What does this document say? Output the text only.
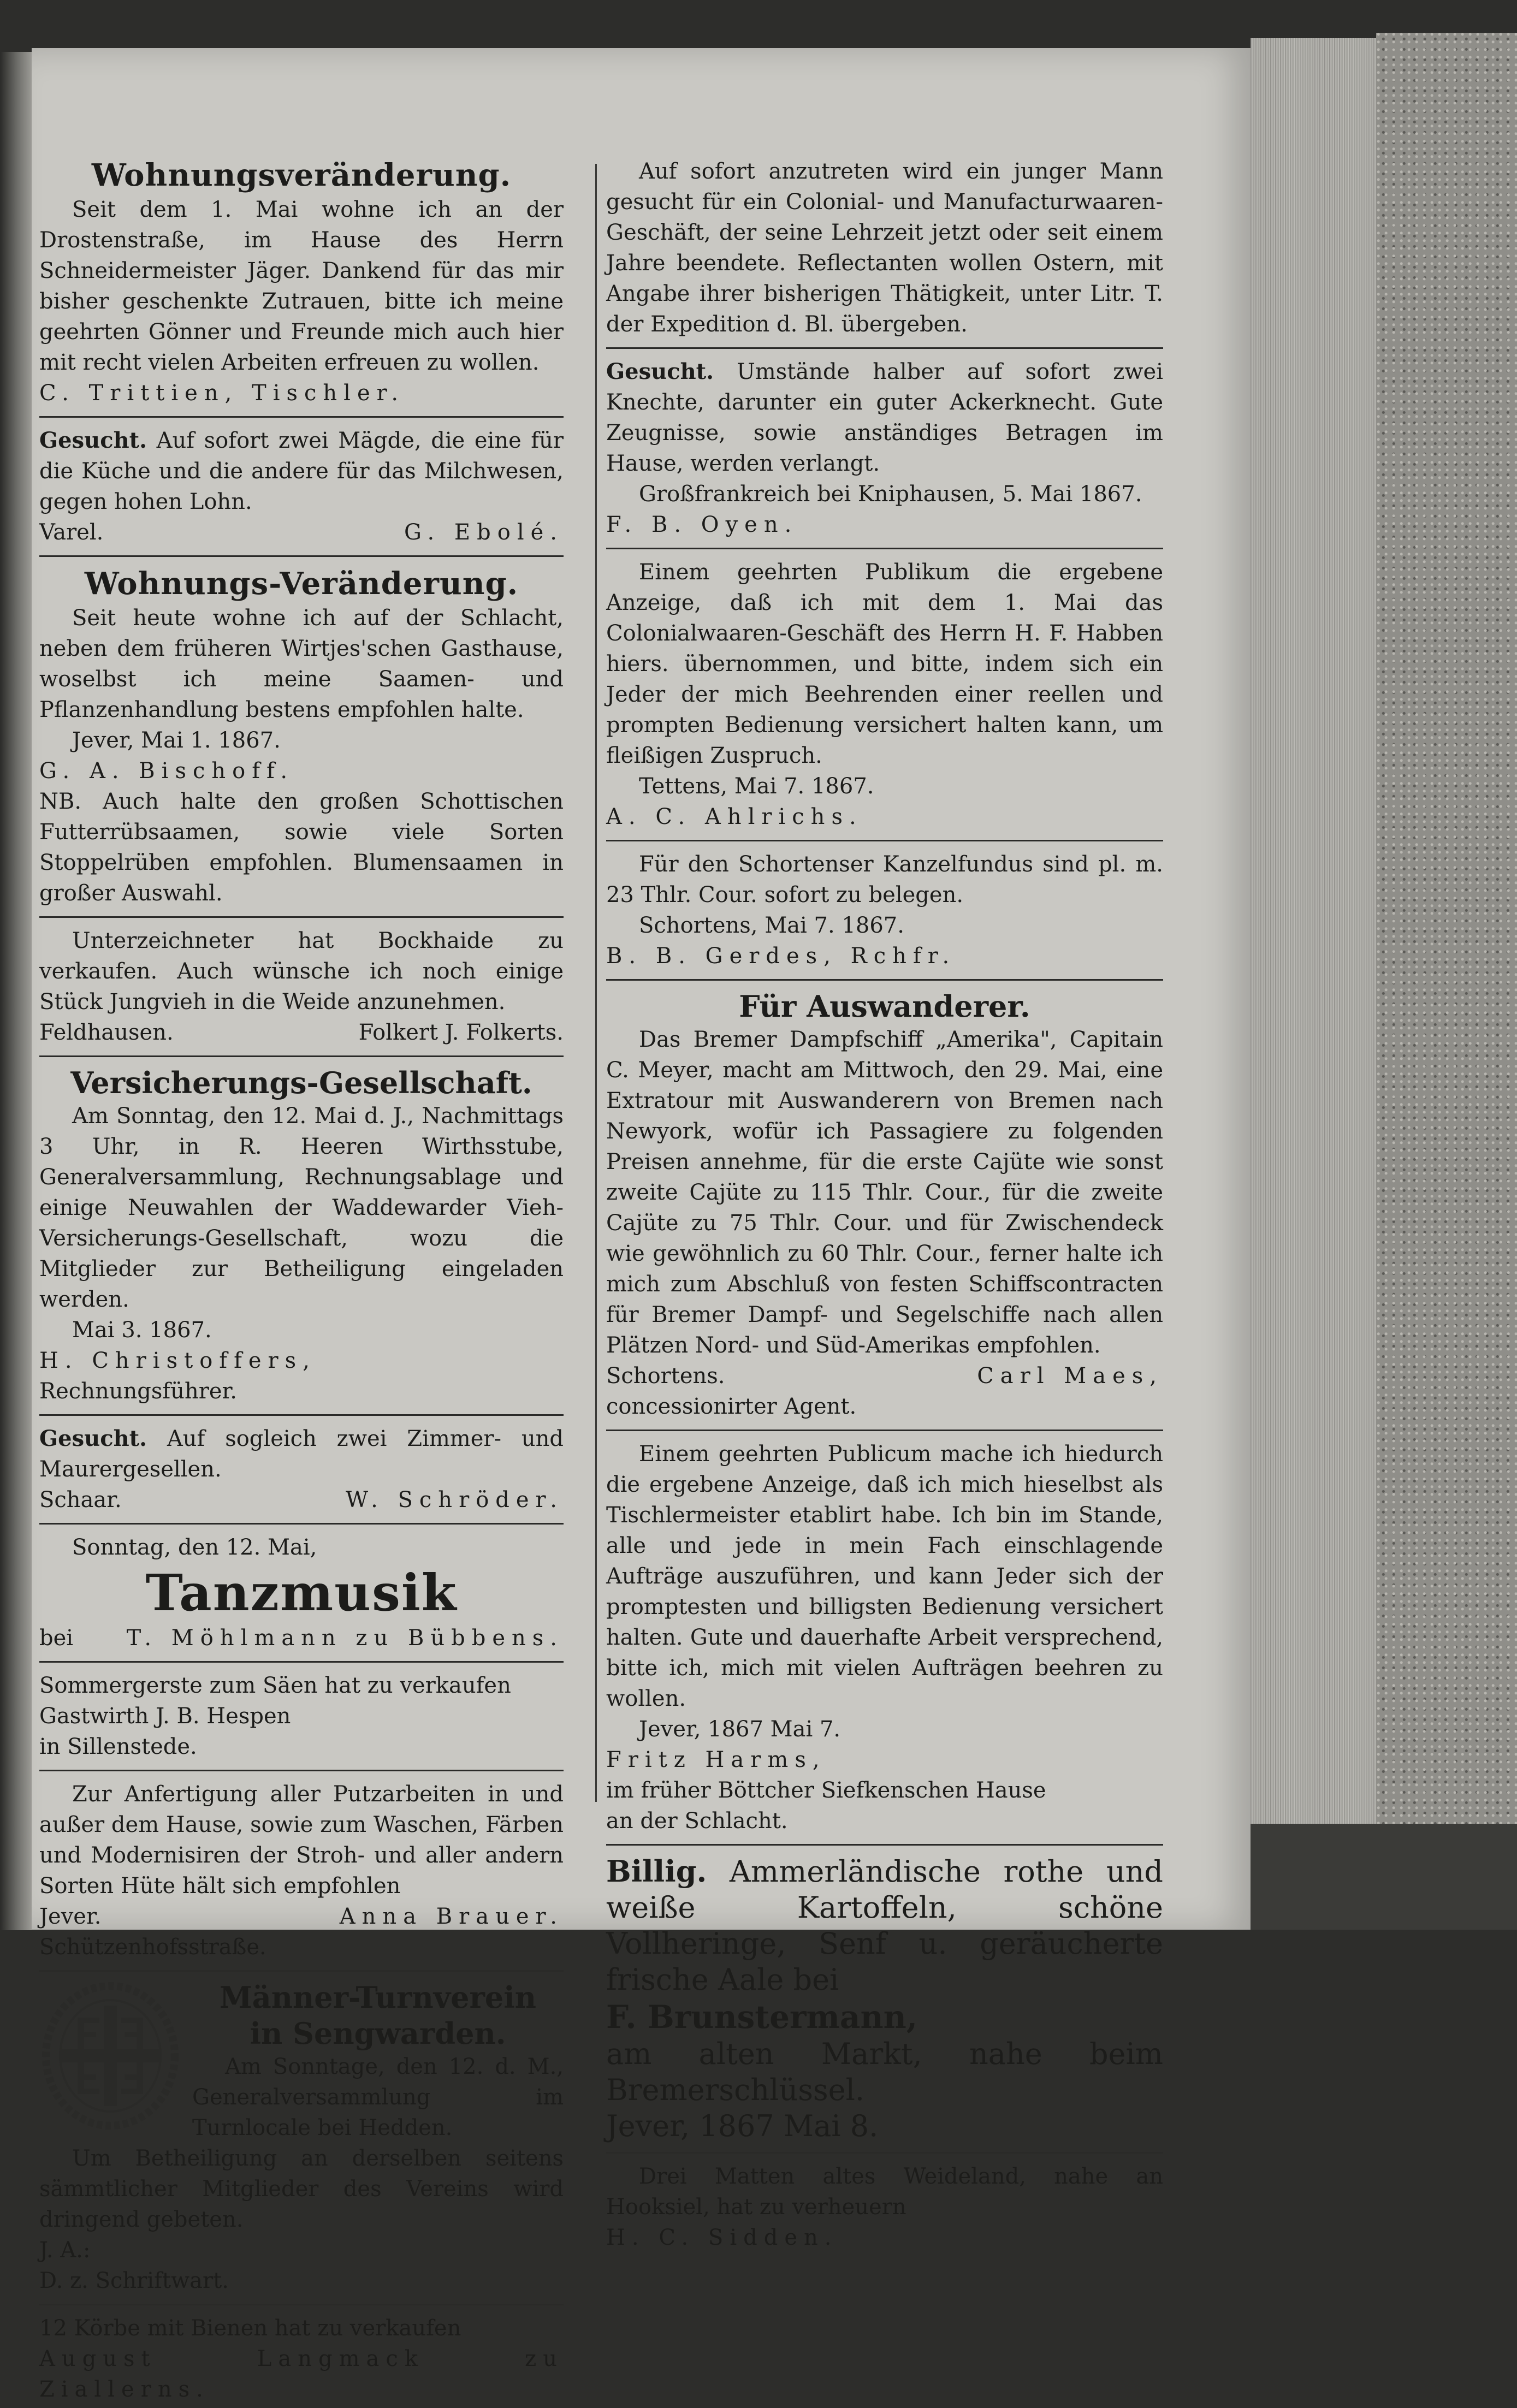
Wohnungsveränderung.

Seit dem 1. Mai wohne ich an der Drostenstraße, im Hause des Herrn Schneidermeister Jäger. Dankend für das mir bisher geschenkte Zutrauen, bitte ich meine geehrten Gönner und Freunde mich auch hier mit recht vielen Arbeiten erfreuen zu wollen.

C. Trittien, Tischler.

Gesucht. Auf sofort zwei Mägde, die eine für die Küche und die andere für das Milchwesen, gegen hohen Lohn.

Varel.	G. Ebolé.
Wohnungs-Veränderung.

Seit heute wohne ich auf der Schlacht, neben dem früheren Wirtjes'schen Gasthause, woselbst ich meine Saamen- und Pflanzenhandlung bestens empfohlen halte.

Jever, Mai 1. 1867.

G. A. Bischoff.

NB. Auch halte den großen Schottischen Futterrübsaamen, sowie viele Sorten Stoppelrüben empfohlen. Blumensaamen in großer Auswahl.

Unterzeichneter hat Bockhaide zu verkaufen. Auch wünsche ich noch einige Stück Jungvieh in die Weide anzunehmen.

Feldhausen.	Folkert J. Folkerts.
Versicherungs-Gesellschaft.

Am Sonntag, den 12. Mai d. J., Nachmittags 3 Uhr, in R. Heeren Wirthsstube, Generalversammlung, Rechnungsablage und einige Neuwahlen der Waddewarder Vieh-Versicherungs-Gesellschaft, wozu die Mitglieder zur Betheiligung eingeladen werden.

Mai 3. 1867.

H. Christoffers,

Rechnungsführer.

Gesucht. Auf sogleich zwei Zimmer- und Maurergesellen.

Schaar.	W. Schröder.

Sonntag, den 12. Mai,

Tanzmusik
bei T. Möhlmann zu Bübbens.

Sommergerste zum Säen hat zu verkaufen

Gastwirth J. B. Hespen

in Sillenstede.

Zur Anfertigung aller Putzarbeiten in und außer dem Hause, sowie zum Waschen, Färben und Modernisiren der Stroh- und aller andern Sorten Hüte hält sich empfohlen

Jever.	Anna Brauer.

Schützenhofsstraße.

Männer-Turnverein
in Sengwarden.

Am Sonntage, den 12. d. M., Generalversammlung im Turnlocale bei Hedden.

Um Betheiligung an derselben seitens sämmtlicher Mitglieder des Vereins wird dringend gebeten.

J. A.:

D. z. Schriftwart.

12 Körbe mit Bienen hat zu verkaufen

August Langmack zu Ziallerns.

Auf sofort anzutreten wird ein junger Mann gesucht für ein Colonial- und Manufacturwaaren-Geschäft, der seine Lehrzeit jetzt oder seit einem Jahre beendete. Reflectanten wollen Ostern, mit Angabe ihrer bisherigen Thätigkeit, unter Litr. T. der Expedition d. Bl. übergeben.

Gesucht. Umstände halber auf sofort zwei Knechte, darunter ein guter Ackerknecht. Gute Zeugnisse, sowie anständiges Betragen im Hause, werden verlangt.

Großfrankreich bei Kniphausen, 5. Mai 1867.

F. B. Oyen.

Einem geehrten Publikum die ergebene Anzeige, daß ich mit dem 1. Mai das Colonialwaaren-Geschäft des Herrn H. F. Habben hiers. übernommen, und bitte, indem sich ein Jeder der mich Beehrenden einer reellen und prompten Bedienung versichert halten kann, um fleißigen Zuspruch.

Tettens, Mai 7. 1867.

A. C. Ahlrichs.

Für den Schortenser Kanzelfundus sind pl. m. 23 Thlr. Cour. sofort zu belegen.

Schortens, Mai 7. 1867.

B. B. Gerdes, Rchfr.

Für Auswanderer.

Das Bremer Dampfschiff „Amerika", Capitain C. Meyer, macht am Mittwoch, den 29. Mai, eine Extratour mit Auswanderern von Bremen nach Newyork, wofür ich Passagiere zu folgenden Preisen annehme, für die erste Cajüte wie sonst zweite Cajüte zu 115 Thlr. Cour., für die zweite Cajüte zu 75 Thlr. Cour. und für Zwischendeck wie gewöhnlich zu 60 Thlr. Cour., ferner halte ich mich zum Abschluß von festen Schiffscontracten für Bremer Dampf- und Segelschiffe nach allen Plätzen Nord- und Süd-Amerikas empfohlen.

Schortens.	Carl Maes,

concessionirter Agent.

Einem geehrten Publicum mache ich hiedurch die ergebene Anzeige, daß ich mich hieselbst als Tischlermeister etablirt habe. Ich bin im Stande, alle und jede in mein Fach einschlagende Aufträge auszuführen, und kann Jeder sich der promptesten und billigsten Bedienung versichert halten. Gute und dauerhafte Arbeit versprechend, bitte ich, mich mit vielen Aufträgen beehren zu wollen.

Jever, 1867 Mai 7.

Fritz Harms,

im früher Böttcher Siefkenschen Hause

an der Schlacht.

Billig. Ammerländische rothe und weiße Kartoffeln, schöne Vollheringe, Senf u. geräucherte frische Aale bei

F. Brunstermann,

am alten Markt, nahe beim Bremerschlüssel.

Jever, 1867 Mai 8.

Drei Matten altes Weideland, nahe an Hooksiel, hat zu verheuern

H. C. Sidden.
